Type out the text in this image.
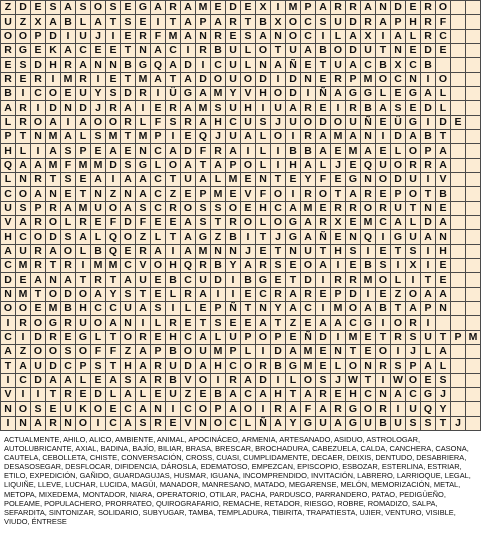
Z	D	E	S	A	S	O	S	E	G	A	R	A	M	E	D	E	X	I	M	P	A	R	R	A	N	D	E	R	O		
U	Z	X	A	B	L	A	T	S	E	I	T	A	P	A	R	T	B	X	O	C	S	U	D	R	A	P	H	R	F		
O	O	P	D	I	U	J	I	E	R	F	M	A	N	R	E	S	A	N	O	C	I	L	A	X	I	A	L	R	C		
R	G	E	K	A	C	E	E	T	N	A	C	I	R	B	U	L	O	T	U	A	B	O	D	U	T	N	E	D	E		
E	S	D	H	R	A	N	N	B	G	Q	A	D	I	C	U	L	N	A	Ñ	E	T	U	A	C	B	X	C	B			
R	E	R	I	M	R	I	E	T	M	A	T	A	D	O	U	O	D	I	D	N	E	R	P	M	O	C	N	I	O		
B	I	C	O	E	U	Y	S	D	R	I	Ü	G	A	M	Y	V	H	O	D	I	Ñ	A	G	G	L	E	G	A	L		
A	R	I	D	N	D	J	R	A	I	E	R	A	M	S	U	H	I	U	A	R	E	I	R	B	A	S	E	D	L		
L	R	O	A	I	A	O	O	R	L	F	S	R	A	H	C	U	S	J	U	O	D	O	U	Ñ	E	Ü	G	I	D	E	
P	T	N	M	A	L	S	M	T	M	P	I	E	Q	J	U	A	L	O	I	R	A	M	A	N	I	D	A	B	T		
H	L	I	A	S	P	E	A	E	N	C	A	D	F	R	A	I	L	I	B	B	A	E	M	A	E	L	O	P	A		
Q	A	A	M	F	M	M	D	S	G	L	O	A	T	A	P	O	L	I	H	A	L	J	E	Q	U	O	R	R	A		
L	N	R	T	S	E	A	I	A	A	C	T	U	A	L	M	E	N	T	E	Y	F	E	G	N	O	D	U	I	V		
C	O	A	N	E	T	N	Z	N	A	C	Z	E	P	M	E	V	F	O	I	R	O	T	A	R	E	P	O	T	B		
U	S	P	R	A	M	U	O	A	S	C	R	O	S	S	O	E	H	C	A	M	E	R	R	O	R	U	T	N	E		
V	A	R	O	L	R	E	F	D	F	E	E	A	S	T	R	O	L	O	G	A	R	X	E	M	C	A	L	D	A		
H	C	O	D	S	A	L	Q	O	Z	L	T	A	G	Z	B	I	T	J	G	A	Ñ	E	N	Q	I	G	U	A	N		
A	U	R	A	O	L	B	Q	E	R	A	I	A	M	N	N	J	E	T	N	U	T	H	S	I	E	T	S	I	H		
C	M	R	T	R	I	M	M	C	V	O	H	Q	R	B	Y	A	R	S	E	O	A	I	E	B	S	I	X	I	E		
D	E	A	N	A	T	R	T	A	U	E	B	C	U	D	I	B	G	E	T	D	I	R	R	M	O	L	I	T	E		
N	M	T	O	D	O	A	Y	S	T	E	L	R	A	I	I	E	C	R	A	R	E	P	D	I	E	Z	O	A	A		
O	O	E	M	B	H	C	C	U	A	S	I	L	E	P	Ñ	T	N	Y	A	C	I	M	O	A	B	T	A	P	N		
I	R	O	G	R	U	O	A	N	I	L	R	E	T	S	E	E	A	T	Z	E	A	A	C	G	I	O	R	I			
C	I	D	R	E	G	L	T	O	R	E	H	C	A	L	U	P	O	P	E	Ñ	D	I	M	E	T	R	S	U	T	P	M
A	Z	O	O	S	O	F	F	Z	A	P	B	O	U	M	P	L	I	D	A	M	E	N	T	E	O	I	J	L	A		
T	A	U	D	C	P	S	T	H	A	R	U	D	A	H	C	O	R	B	G	M	E	L	O	N	R	S	P	A	L		
I	C	D	A	A	L	E	A	S	A	R	B	V	O	I	R	A	D	I	L	O	S	J	W	T	I	W	O	E	S		
V	I	I	T	R	E	D	L	A	L	E	U	Z	E	B	A	C	A	H	T	A	R	E	H	C	N	A	C	G	J		
N	O	S	E	U	K	O	E	C	A	N	I	C	O	P	A	O	I	R	A	F	A	R	G	O	R	I	U	Q	Y		
I	N	A	R	N	O	I	C	A	S	R	E	V	N	O	C	L	Ñ	A	Y	G	U	A	G	U	B	U	S	S	T	J	

ACTUALMENTE, AHILO, ALICO, AMBIENTE, ANIMAL, APOCINÁCEO, ARMENIA, ARTESANADO, ASIDUO, ASTROLOGAR, AUTOLUBRICANTE, AXIAL, BADINA, BAJÍO, BILIAR, BRASA, BRESCAR, BROCHADURA, CABEZUELA, CALDA, CANCHERA, CASONA, CAUTELA, CEBOLLETA, CHISTE, CONVERSACIÓN, CROSS, CUASI, CUMPLIDAMENTE, DECAER, DEIXIS, DENTUDO, DESABRIERA, DESASOSEGAR, DESFLOCAR, DIFIDENCIA, DÁROSLA, EDEMATOSO, EMPEZCAN, EPISCOPIO, ESBOZAR, ESTERLINA, ESTRIAR, ETILO, EXPEDICIÓN, GAÑIDO, GUARDAGUJAS, HUSMAR, IGUANA, INCOMPRENDIDO, INVITACIÓN, LABRERO, LARRIOQUE, LEGAL, LIQUIÑE, LLEVE, LUCHAR, LUCIDA, MAGÜI, MANADOR, MANRESANO, MATADO, MEGARENSE, MELÓN, MEMORIZACIÓN, METAL, METOPA, MIXEDEMA, MONTADOR, NIARA, OPERATORIO, OTILAR, PACHA, PARDUSCO, PARRANDERO, PATAO, PEDIGÜEÑO, POLEAME, POPULACHERO, PRORRATEO, QUIROGRAFARIO, REMACHE, RETADOR, RIESGO, ROBRE, ROMADIZO, SALPA, SEFARDITA, SINTONIZAR, SOLIDARIO, SUBYUGAR, TAMBA, TEMPLADURA, TIBIRITA, TRAPATIESTA, UJIER, VENTURO, VISIBLE, VIUDO, ÉNTRESE
